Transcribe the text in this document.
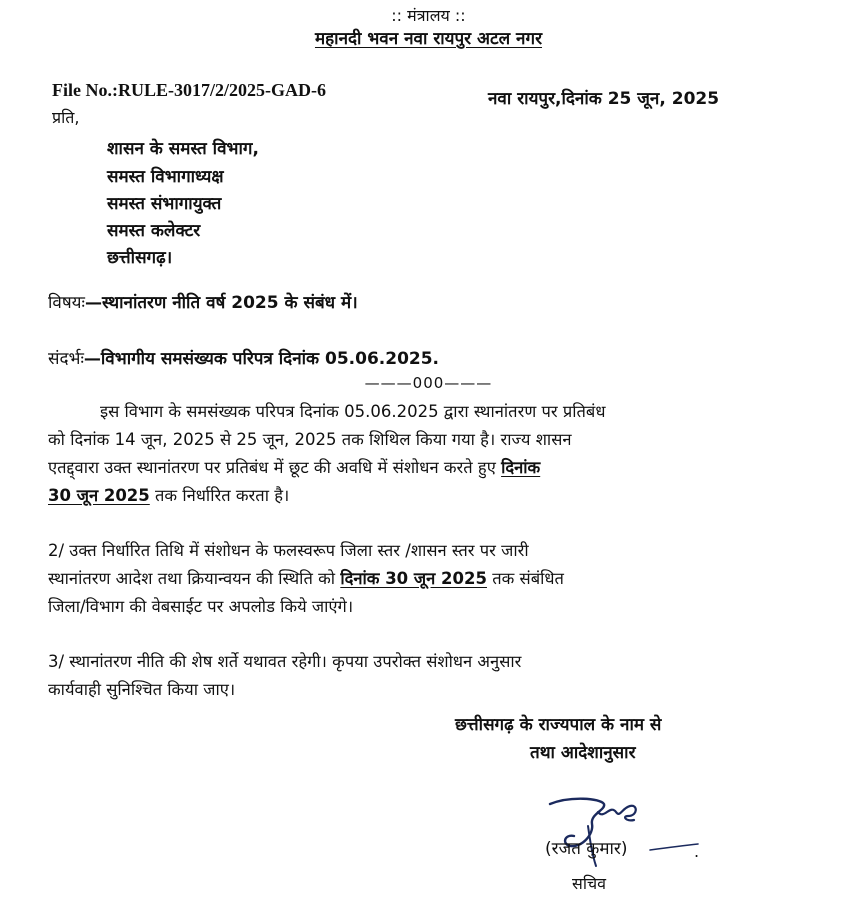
:: मंत्रालय ::
महानदी भवन नवा रायपुर अटल नगर
File No.:RULE-3017/2/2025-GAD-6	नवा रायपुर,दिनांक 25 जून, 2025
प्रति,
शासन के समस्त विभाग,
समस्त विभागाध्यक्ष
समस्त संभागायुक्त
समस्त कलेक्टर
छत्तीसगढ़।
विषयः—स्थानांतरण नीति वर्ष 2025 के संबंध में।
संदर्भः—विभागीय समसंख्यक परिपत्र दिनांक 05.06.2025.
———000———
इस विभाग के समसंख्यक परिपत्र दिनांक 05.06.2025 द्वारा स्थानांतरण पर प्रतिबंध
को दिनांक 14 जून, 2025 से 25 जून, 2025 तक शिथिल किया गया है। राज्य शासन
एतद्द्वारा उक्त स्थानांतरण पर प्रतिबंध में छूट की अवधि में संशोधन करते हुए दिनांक
30 जून 2025 तक निर्धारित करता है।
2/ उक्त निर्धारित तिथि में संशोधन के फलस्वरूप जिला स्तर /शासन स्तर पर जारी
स्थानांतरण आदेश तथा क्रियान्वयन की स्थिति को दिनांक 30 जून 2025 तक संबंधित
जिला/विभाग की वेबसाईट पर अपलोड किये जाएंगे।
3/ स्थानांतरण नीति की शेष शर्ते यथावत रहेगी। कृपया उपरोक्त संशोधन अनुसार
कार्यवाही सुनिश्चित किया जाए।
छत्तीसगढ़ के राज्यपाल के नाम से
तथा आदेशानुसार
(रजत कुमार)	.
सचिव
